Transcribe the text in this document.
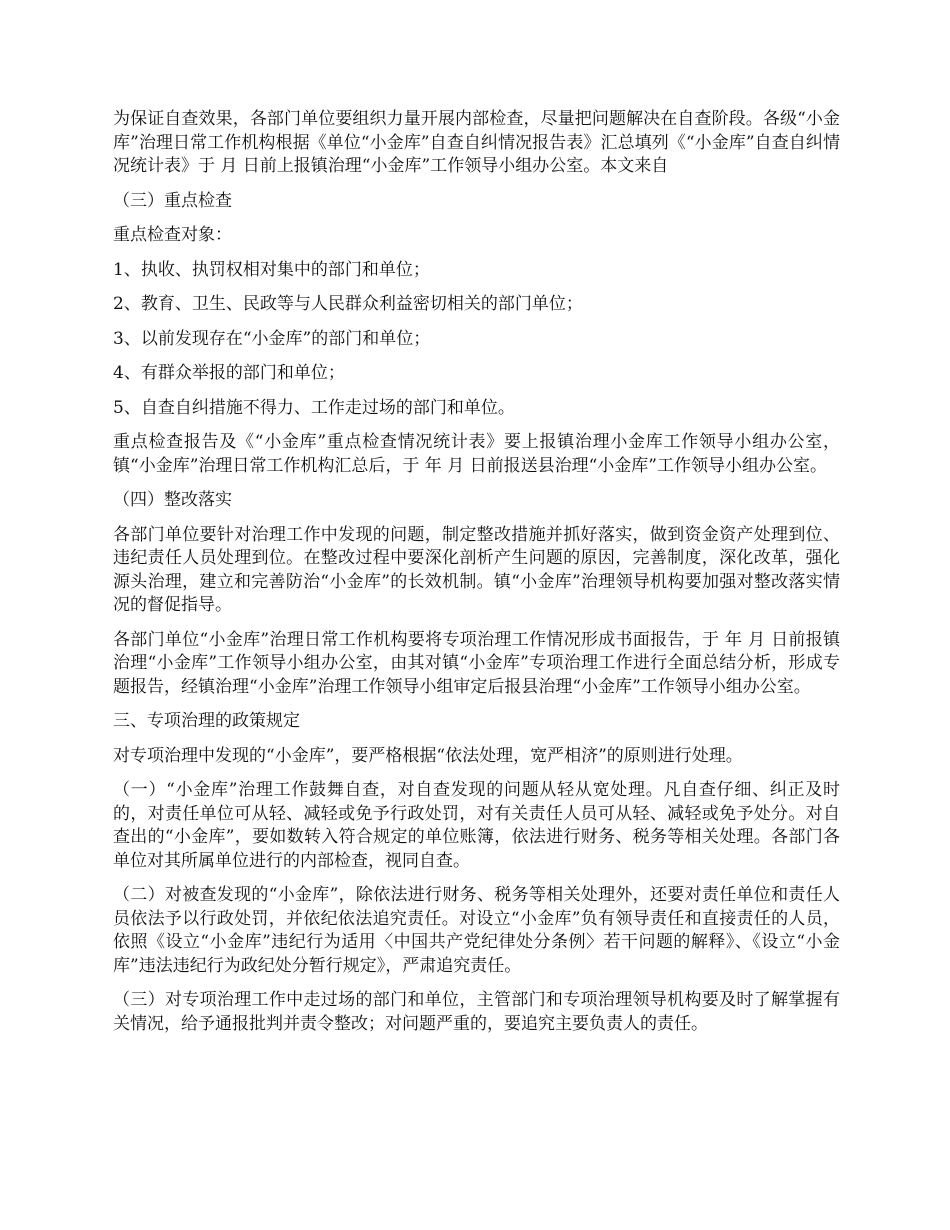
为保证自查效果，各部门单位要组织力量开展内部检查，尽量把问题解决在自查阶段。各级“小金库”治理日常工作机构根据《单位“小金库”自查自纠情况报告表》汇总填列《“小金库”自查自纠情况统计表》于 月 日前上报镇治理“小金库”工作领导小组办公室。本文来自

（三）重点检查

重点检查对象：

1、执收、执罚权相对集中的部门和单位；

2、教育、卫生、民政等与人民群众利益密切相关的部门单位；

3、以前发现存在“小金库”的部门和单位；

4、有群众举报的部门和单位；

5、自查自纠措施不得力、工作走过场的部门和单位。

重点检查报告及《“小金库”重点检查情况统计表》要上报镇治理小金库工作领导小组办公室，镇“小金库”治理日常工作机构汇总后，于 年 月 日前报送县治理“小金库”工作领导小组办公室。

（四）整改落实

各部门单位要针对治理工作中发现的问题，制定整改措施并抓好落实，做到资金资产处理到位、违纪责任人员处理到位。在整改过程中要深化剖析产生问题的原因，完善制度，深化改革，强化源头治理，建立和完善防治“小金库”的长效机制。镇“小金库”治理领导机构要加强对整改落实情况的督促指导。

各部门单位“小金库”治理日常工作机构要将专项治理工作情况形成书面报告，于 年 月 日前报镇治理“小金库”工作领导小组办公室，由其对镇“小金库”专项治理工作进行全面总结分析，形成专题报告，经镇治理“小金库”治理工作领导小组审定后报县治理“小金库”工作领导小组办公室。

三、专项治理的政策规定

对专项治理中发现的“小金库”，要严格根据“依法处理，宽严相济”的原则进行处理。

（一）“小金库”治理工作鼓舞自查，对自查发现的问题从轻从宽处理。凡自查仔细、纠正及时的，对责任单位可从轻、减轻或免予行政处罚，对有关责任人员可从轻、减轻或免予处分。对自查出的“小金库”，要如数转入符合规定的单位账簿，依法进行财务、税务等相关处理。各部门各单位对其所属单位进行的内部检查，视同自查。

（二）对被查发现的“小金库”，除依法进行财务、税务等相关处理外，还要对责任单位和责任人员依法予以行政处罚，并依纪依法追究责任。对设立“小金库”负有领导责任和直接责任的人员，依照《设立“小金库”违纪行为适用〈中国共产党纪律处分条例〉若干问题的解释》、《设立“小金库”违法违纪行为政纪处分暂行规定》，严肃追究责任。

（三）对专项治理工作中走过场的部门和单位，主管部门和专项治理领导机构要及时了解掌握有关情况，给予通报批判并责令整改；对问题严重的，要追究主要负责人的责任。
